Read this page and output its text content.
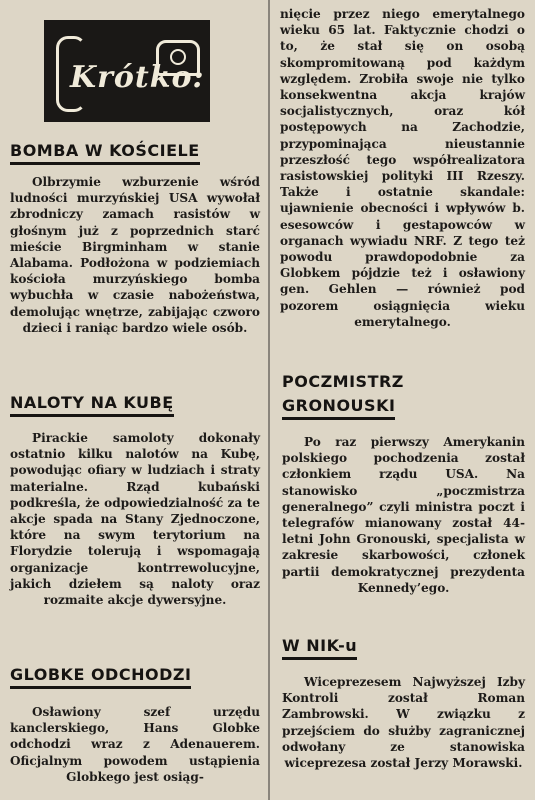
Krótko:
BOMBA W KOŚCIELE

Olbrzymie wzburzenie wśród ludności murzyńskiej USA wywołał zbrodniczy zamach rasistów w głośnym już z poprzednich starć mieście Birgminham w stanie Alabama. Podłożona w podziemiach kościoła murzyńskiego bomba wybuchła w czasie nabożeństwa, demolując wnętrze, zabijając czworo dzieci i raniąc bardzo wiele osób.

NALOTY NA KUBĘ

Pirackie samoloty dokonały ostatnio kilku nalotów na Kubę, powodując ofiary w ludziach i straty materialne. Rząd kubański podkreśla, że odpowiedzialność za te akcje spada na Stany Zjednoczone, które na swym terytorium na Florydzie tolerują i wspomagają organizacje kontrrewolucyjne, jakich dziełem są naloty oraz rozmaite akcje dywersyjne.

GLOBKE ODCHODZI

Osławiony szef urzędu kanclerskiego, Hans Globke odchodzi wraz z Adenauerem. Oficjalnym powodem ustąpienia Globkego jest osiąg-

nięcie przez niego emerytalnego wieku 65 lat. Faktycznie chodzi o to, że stał się on osobą skompromitowaną pod każdym względem. Zrobiła swoje nie tylko konsekwentna akcja krajów socjalistycznych, oraz kół postępowych na Zachodzie, przypominająca nieustannie przeszłość tego współrealizatora rasistowskiej polityki III Rzeszy. Także i ostatnie skandale: ujawnienie obecności i wpływów b. esesowców i gestapowców w organach wywiadu NRF. Z tego też powodu prawdopodobnie za Globkem pójdzie też i osławiony gen. Gehlen — również pod pozorem osiągnięcia wieku emerytalnego.

POCZMISTRZ
GRONOUSKI

Po raz pierwszy Amerykanin polskiego pochodzenia został członkiem rządu USA. Na stanowisko „poczmistrza generalnego” czyli ministra poczt i telegrafów mianowany został 44-letni John Gronouski, specjalista w zakresie skarbowości, członek partii demokratycznej prezydenta Kennedy’ego.

W NIK-u

Wiceprezesem Najwyższej Izby Kontroli został Roman Zambrowski. W związku z przejściem do służby zagranicznej odwołany ze stanowiska wiceprezesa został Jerzy Morawski.
